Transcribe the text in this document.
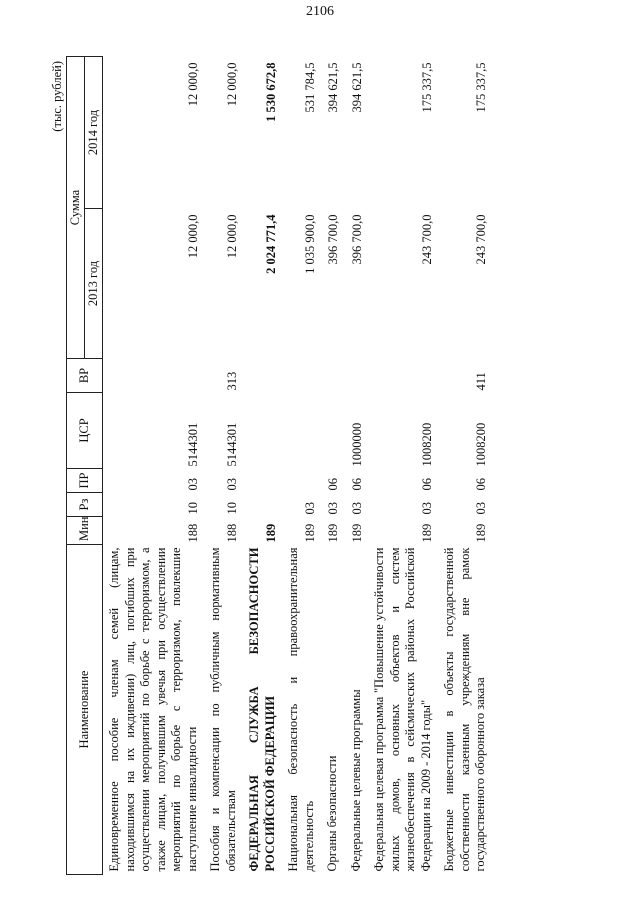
2106
(тыс. рублей)
Наименование	Мин	Рз	ПР	ЦСР	ВР	Сумма	
						2013 год	2014 год
Единовременное пособие членам семей (лицам, находившимся на их иждивении) лиц, погибших при осуществлении мероприятий по борьбе с терроризмом, а также лицам, получившим увечья при осуществлении мероприятий по борьбе с терроризмом, повлекшие наступление инвалидности	188	10	03	5144301		12 000,0	12 000,0
Пособия и компенсации по публичным нормативным обязательствам	188	10	03	5144301	313	12 000,0	12 000,0
ФЕДЕРАЛЬНАЯ СЛУЖБА БЕЗОПАСНОСТИ РОССИЙСКОЙ ФЕДЕРАЦИИ	189					2 024 771,4	1 530 672,8
Национальная безопасность и правоохранительная деятельность	189	03				1 035 900,0	531 784,5
Органы безопасности	189	03	06			396 700,0	394 621,5
Федеральные целевые программы	189	03	06	1000000		396 700,0	394 621,5
Федеральная целевая программа "Повышение устойчивости жилых домов, основных объектов и систем жизнеобеспечения в сейсмических районах Российской Федерации на 2009 - 2014 годы"	189	03	06	1008200		243 700,0	175 337,5
Бюджетные инвестиции в объекты государственной собственности казенным учреждениям вне рамок государственного оборонного заказа	189	03	06	1008200	411	243 700,0	175 337,5
